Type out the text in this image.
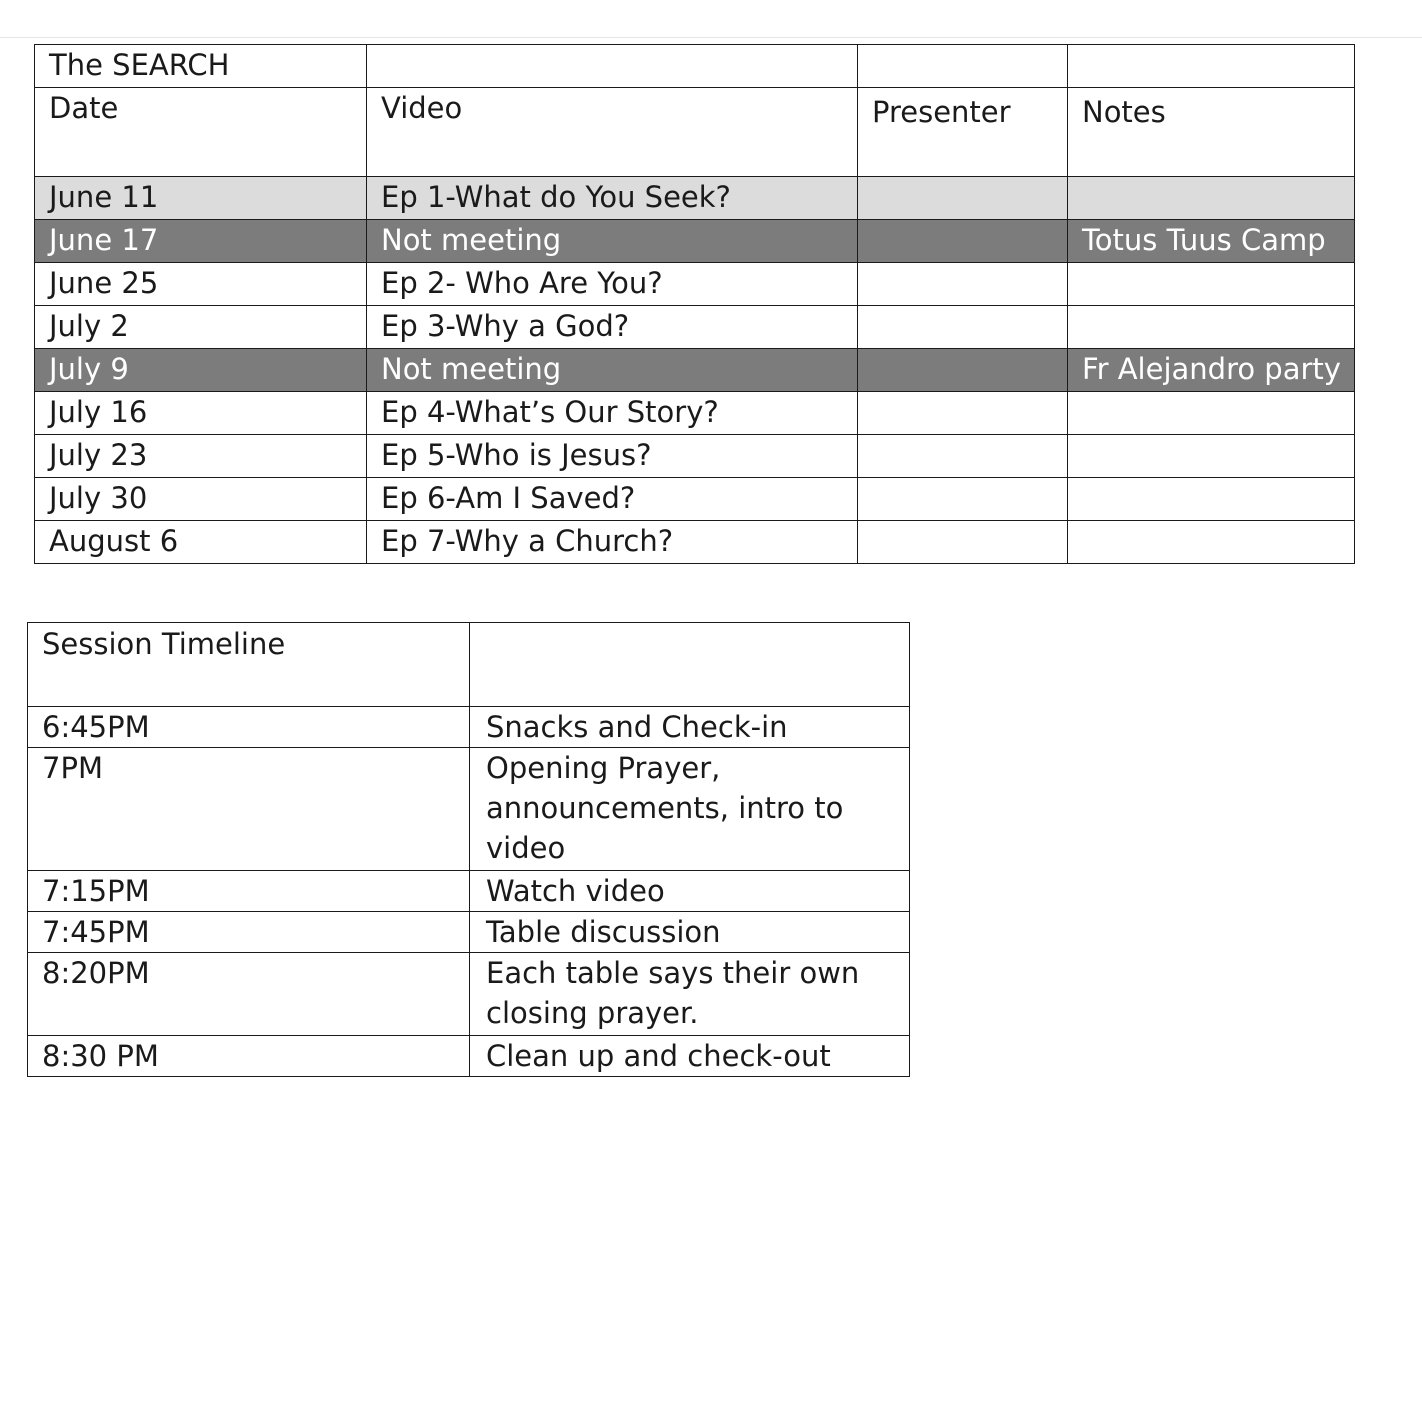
The SEARCH			
Date	Video	Presenter	Notes
June 11	Ep 1-What do You Seek?		
June 17	Not meeting		Totus Tuus Camp
June 25	Ep 2- Who Are You?		
July 2	Ep 3-Why a God?		
July 9	Not meeting		Fr Alejandro party
July 16	Ep 4-What’s Our Story?		
July 23	Ep 5-Who is Jesus?		
July 30	Ep 6-Am I Saved?		
August 6	Ep 7-Why a Church?		
Session Timeline	
6:45PM	Snacks and Check-in
7PM	Opening Prayer, announcements, intro to video
7:15PM	Watch video
7:45PM	Table discussion
8:20PM	Each table says their own closing prayer.
8:30 PM	Clean up and check-out
